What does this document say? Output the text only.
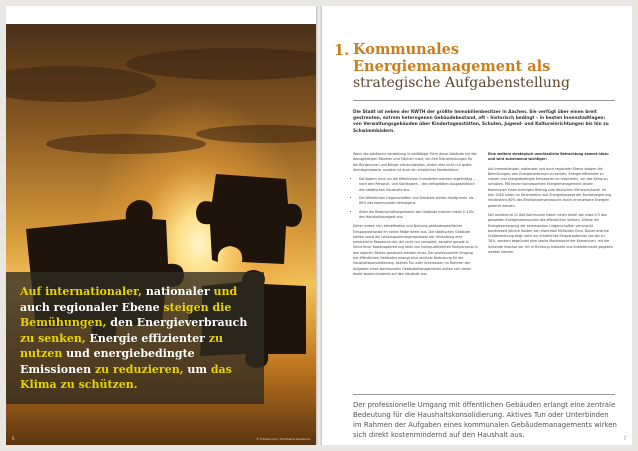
© Fotolia.com | Photoshot Redwood

Auf internationaler, nationaler und auch regionaler Ebene steigen die Bemühungen, den Energieverbrauch zu senken, Energie effizienter zu nutzen und energiebedingte Emissionen zu reduzieren, um das Klima zu schützen.

6
1. Kommunales
Energiemanagement als
strategische Aufgabenstellung

Die Stadt ist neben der RWTH der größte Immobilienbesitzer in Aachen. Sie verfügt über einen breit gestreuten, extrem heterogenen Gebäudebestand, oft – historisch bedingt – in besten Innenstadtlagen: von Verwaltungsgebäuden über Kindertagesstätten, Schulen, Jugend- und Kultureinrichtungen bis hin zu Schwimmbädern.

Wenn die städtische Verwaltung in vielfältiger Form diese Gebäude mit der dazugehörigen Räumen und Flächen nutzt, um ihre Dienstleistungen für die Bürgerinnen und Bürger sicherzustellen, birden dies nicht nur große Vermögenswerte, sondern ist auch ein erheblicher Kostenfaktor:

• Die Kosten rund um die öffentlichen Immobilien machen regelmäßig – nach den Personal- und Sachkosten – den drittgrößten Ausgabenblock des städtischen Haushalts aus.
• Die öffentlichen Liegenschaften und Gebäude stellen häufig mehr als 80% des kommunalen Vermögens.
• Allein die Bewirtschaftungskosten der Gebäude machen meist 5–10% des Haushaltsbudgets aus.

Daher wirken sich Identifikation und Nutzung gebäudespezifischer Einsparpotenziale im hohen Maße direkt aus. Die städtischen Gebäude stellen somit ein Leistungsvermögensprozess der Verwaltung eine wesentliche Ressource dar, die nicht nur verwaltet, sondern gerade in Sinne einer Kostenoptimierung aktiv von hochqualifizierten Fachpersonal in den eigenen Reihen gesteuert werden muss. Der professionelle Umgang mit öffentlichen Gebäuden erlangt eine zentrale Bedeutung für die Haushaltskonsolidierung. Aktives Tun oder Unterlassen im Rahmen der Aufgaben eines kommunalen Gebäudemanagements wirken sich daher direkt kostenmindernd auf den Haushalt aus.

Eine weitere strategisch unerlässliche Betrachtung kommt hinzu und wird zunehmend wichtiger:

Auf internationaler, nationaler und auch regionaler Ebene steigen die Bemühungen, den Energieverbrauch zu senken, Energie effizienter zu nutzen und energiebedingte Emissionen zu reduzieren, um das Klima zu schützen. Mit einem konsequenten Energiemanagement leisten Kommunen einen wichtigen Beitrag zum deutschen Klimaschutzziel. Im Jahr 2050 sollen im Stromsektor laut Energiekonzept der Bundesregierung mindestens 80% des Bruttostromverbrauchs durch erneuerbare Energien gedeckt werden.

Der annähernd 11.000 Kommunen haben einen Anteil von etwa 2/3 des gesamten Energieverbrauches des öffentlichen Sektors. Alleine die Energieversorgung der kommunalen Liegenschaften verursacht bundesweit jährlich Kosten von etwa zwei Milliarden Euro. Dieser enorme Größenordnung birgt nicht nur erhebliches Einsparpotenzial von bis zu 30%, sondern begründet eine starke Marktmacht der Kommunen, mit der lenkende Impulse vor Ort in Richtung Industrie und Anbietermarkt gegeben werden können.

Der professionelle Umgang mit öffentlichen Gebäuden erlangt eine zentrale Bedeutung für die Haushaltskonsolidierung. Aktives Tun oder Unterbinden im Rahmen der Aufgaben eines kommunalen Gebäudemanagements wirken sich direkt kostenmindernd auf den Haushalt aus.	7
